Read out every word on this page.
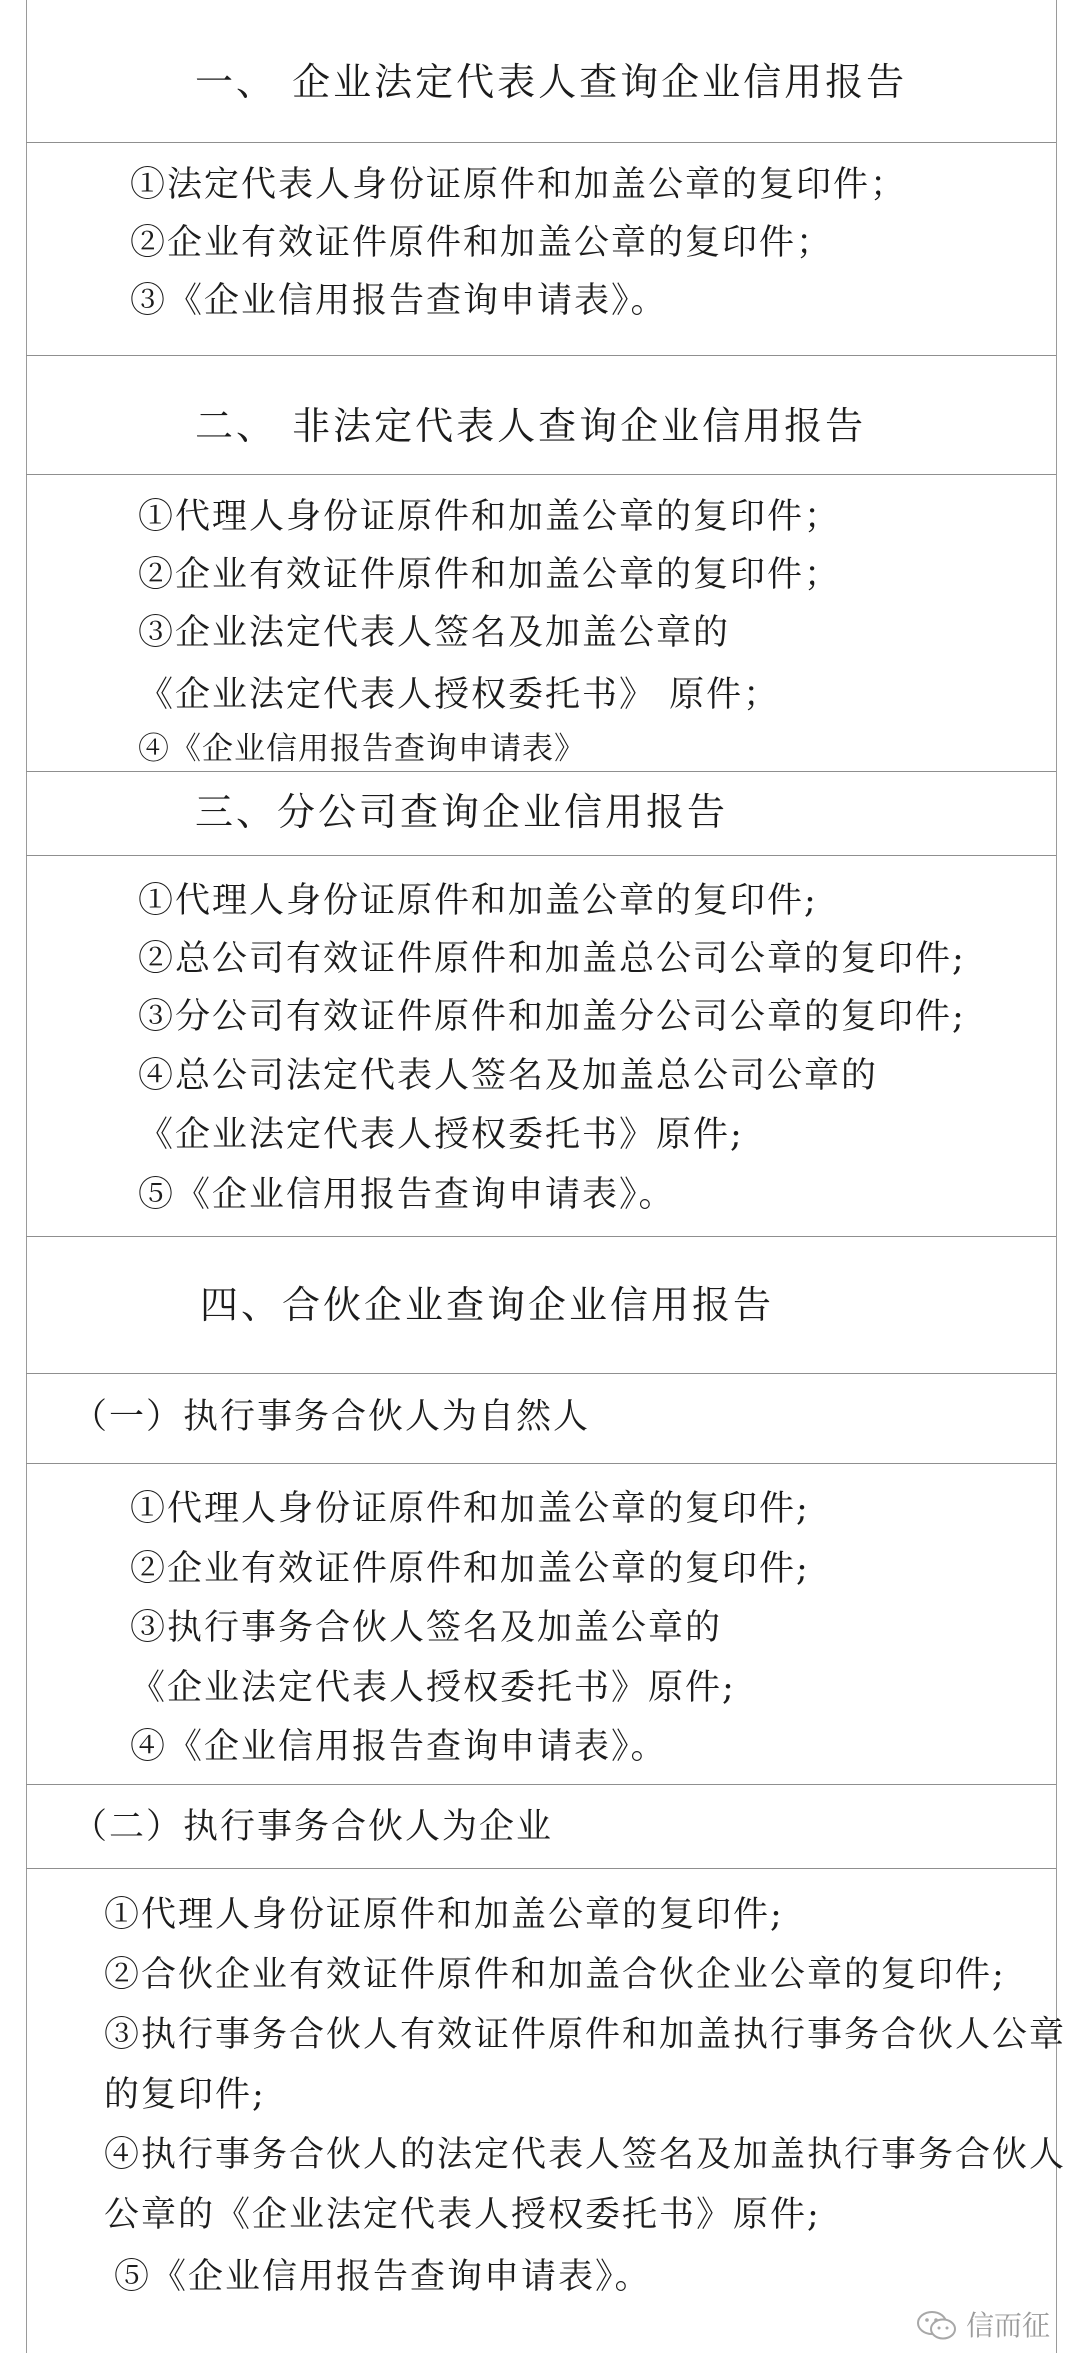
一、 企业法定代表人查询企业信用报告
①法定代表人身份证原件和加盖公章的复印件；
②企业有效证件原件和加盖公章的复印件；
③《企业信用报告查询申请表》。
二、 非法定代表人查询企业信用报告
①代理人身份证原件和加盖公章的复印件；
②企业有效证件原件和加盖公章的复印件；
③企业法定代表人签名及加盖公章的
《企业法定代表人授权委托书》 原件；
④《企业信用报告查询申请表》
三、分公司查询企业信用报告
①代理人身份证原件和加盖公章的复印件;
②总公司有效证件原件和加盖总公司公章的复印件;
③分公司有效证件原件和加盖分公司公章的复印件;
④总公司法定代表人签名及加盖总公司公章的
《企业法定代表人授权委托书》原件;
⑤《企业信用报告查询申请表》。
四、合伙企业查询企业信用报告
（一）执行事务合伙人为自然人
①代理人身份证原件和加盖公章的复印件;
②企业有效证件原件和加盖公章的复印件;
③执行事务合伙人签名及加盖公章的
《企业法定代表人授权委托书》原件;
④《企业信用报告查询申请表》。
（二）执行事务合伙人为企业
①代理人身份证原件和加盖公章的复印件;
②合伙企业有效证件原件和加盖合伙企业公章的复印件;
③执行事务合伙人有效证件原件和加盖执行事务合伙人公章
的复印件;
④执行事务合伙人的法定代表人签名及加盖执行事务合伙人
公章的《企业法定代表人授权委托书》原件;
⑤《企业信用报告查询申请表》。
信而征
